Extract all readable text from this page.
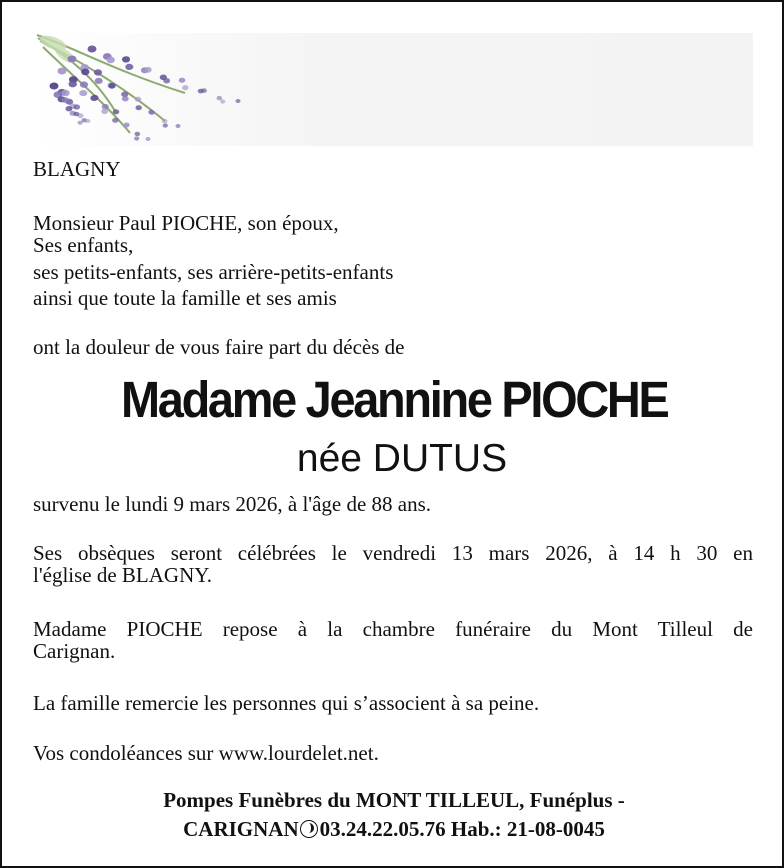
BLAGNY
Monsieur Paul PIOCHE, son époux,
Ses enfants,
ses petits-enfants, ses arrière-petits-enfants
ainsi que toute la famille et ses amis
ont la douleur de vous faire part du décès de
Madame Jeannine PIOCHE
née DUTUS
survenu le lundi 9 mars 2026, à l'âge de 88 ans.
Ses obsèques seront célébrées le vendredi 13 mars 2026, à 14 h 30 en
l'église de BLAGNY.
Madame PIOCHE repose à la chambre funéraire du Mont Tilleul de
Carignan.
La famille remercie les personnes qui s’associent à sa peine.
Vos condoléances sur www.lourdelet.net.
Pompes Funèbres du MONT TILLEUL, Funéplus -
CARIGNAN 03.24.22.05.76 Hab.: 21-08-0045
